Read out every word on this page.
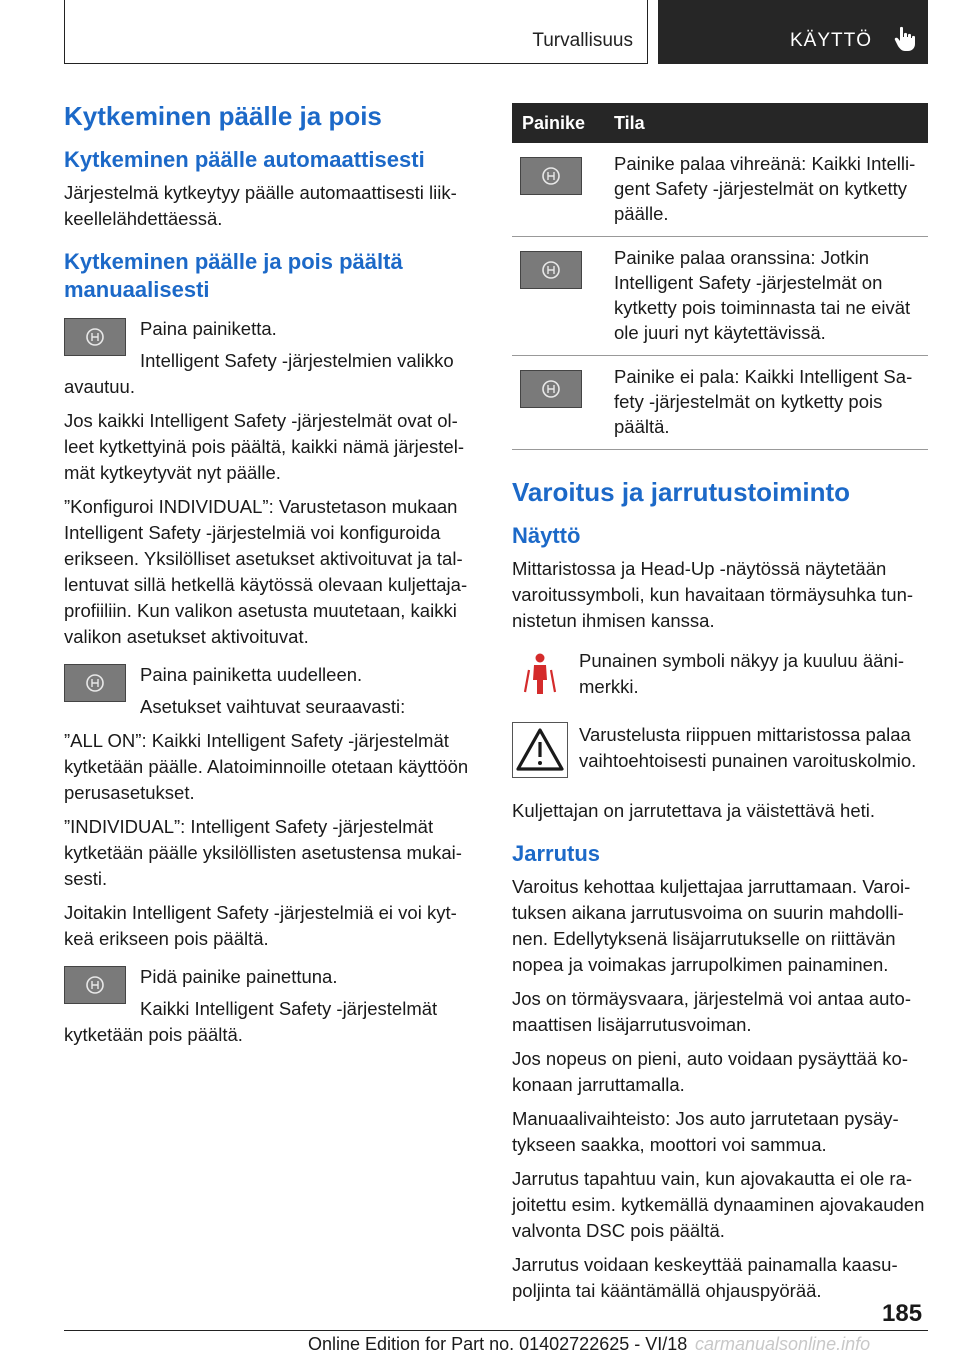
Turvallisuus	KÄYTTÖ
Kytkeminen päälle ja pois
Kytkeminen päälle automaattisesti

Järjestelmä kytkeytyy päälle automaattisesti liikkeellelähdettäessä.

Kytkeminen päälle ja pois päältä manuaalisesti

Paina painiketta.

Intelligent Safety -järjestelmien valikko avautuu.

Jos kaikki Intelligent Safety -järjestelmät ovat olleet kytkettyinä pois päältä, kaikki nämä järjestelmät kytkeytyvät nyt päälle.

”Konfiguroi INDIVIDUAL”: Varustetason mukaan Intelligent Safety -järjestelmiä voi konfiguroida erikseen. Yksilölliset asetukset aktivoituvat ja tallentuvat sillä hetkellä käytössä olevaan kuljettajaprofiiliin. Kun valikon asetusta muutetaan, kaikki valikon asetukset aktivoituvat.

Paina painiketta uudelleen.

Asetukset vaihtuvat seuraavasti:

”ALL ON”: Kaikki Intelligent Safety -järjestelmät kytketään päälle. Alatoiminnoille otetaan käyttöön perusasetukset.

”INDIVIDUAL”: Intelligent Safety -järjestelmät kytketään päälle yksilöllisten asetustensa mukaisesti.

Joitakin Intelligent Safety -järjestelmiä ei voi kytkeä erikseen pois päältä.

Pidä painike painettuna.

Kaikki Intelligent Safety -järjestelmät kytketään pois päältä.

Painike	Tila

	Painike palaa vihreänä: Kaikki Intelligent Safety -järjestelmät on kytketty päälle.

	Painike palaa oranssina: Jotkin Intelligent Safety -järjestelmät on kytketty pois toiminnasta tai ne eivät ole juuri nyt käytettävissä.

	Painike ei pala: Kaikki Intelligent Safety -järjestelmät on kytketty pois päältä.
Varoitus ja jarrutustoiminto
Näyttö

Mittaristossa ja Head-Up -näytössä näytetään varoitussymboli, kun havaitaan törmäysuhka tunnistetun ihmisen kanssa.

Punainen symboli näkyy ja kuuluu äänimerkki.

Varustelusta riippuen mittaristossa palaa vaihtoehtoisesti punainen varoituskolmio.

Kuljettajan on jarrutettava ja väistettävä heti.

Jarrutus

Varoitus kehottaa kuljettajaa jarruttamaan. Varoituksen aikana jarrutusvoima on suurin mahdollinen. Edellytyksenä lisäjarrutukselle on riittävän nopea ja voimakas jarrupolkimen painaminen.

Jos on törmäysvaara, järjestelmä voi antaa automaattisen lisäjarrutusvoiman.

Jos nopeus on pieni, auto voidaan pysäyttää kokonaan jarruttamalla.

Manuaalivaihteisto: Jos auto jarrutetaan pysäytykseen saakka, moottori voi sammua.

Jarrutus tapahtuu vain, kun ajovakautta ei ole rajoitettu esim. kytkemällä dynaaminen ajovakauden valvonta DSC pois päältä.

Jarrutus voidaan keskeyttää painamalla kaasupoljinta tai kääntämällä ohjauspyörää.

185
Online Edition for Part no. 01402722625 - VI/18 carmanualsonline.info
